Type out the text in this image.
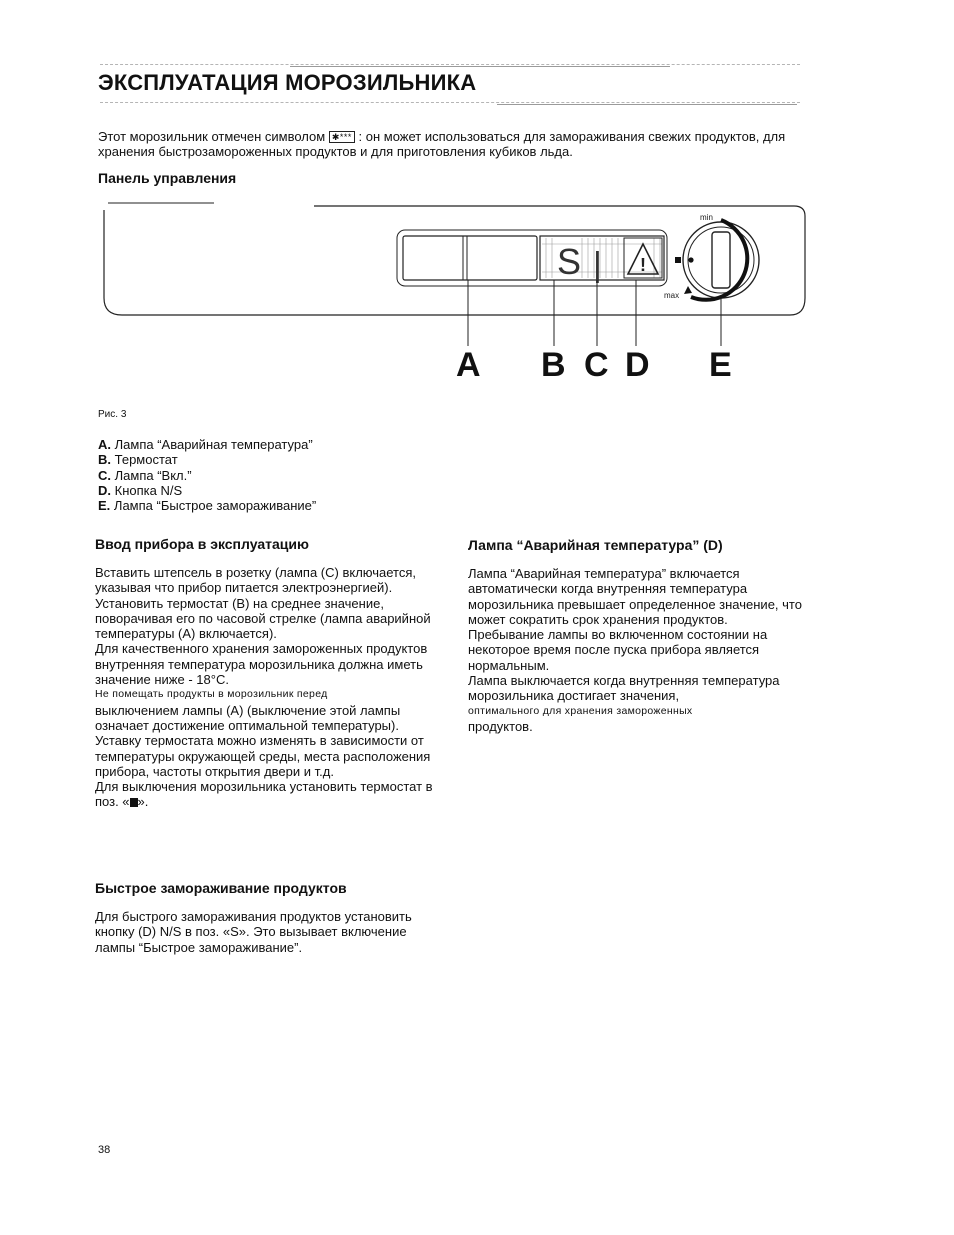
ЭКСПЛУАТАЦИЯ МОРОЗИЛЬНИКА
Этот морозильник отмечен символом ✱*** : он может использоваться для замораживания свежих продуктов, для хранения быстрозамороженных продуктов и для приготовления кубиков льда.
Панель управления
S | !
min
max
A B C D E
Рис. 3
A. Лампа “Аварийная температура”
B. Термостат
C. Лампа “Вкл.”
D. Кнопка N/S
E. Лампа “Быстрое замораживание”
Ввод прибора в эксплуатацию

Вставить штепсель в розетку (лампа (С) включается, указывая что прибор питается электроэнергией).

Установить термостат (В) на среднее значение, поворачивая его по часовой стрелке (лампа аварийной температуры (А) включается).

Для качественного хранения замороженных продуктов внутренняя температура морозильника должна иметь значение ниже - 18°С.

Не помещать продукты в морозильник перед

выключением лампы (А) (выключение этой лампы означает достижение оптимальной температуры).

Уставку термостата можно изменять в зависимости от температуры окружающей среды, места расположения прибора, частоты открытия двери и т.д.

Для выключения морозильника установить термостат в поз. « ».

Лампа “Аварийная температура” (D)

Лампа “Аварийная температура” включается автоматически когда внутренняя температура морозильника превышает определенное значение, что может сократить срок хранения продуктов.

Пребывание лампы во включенном состоянии на некоторое время после пуска прибора является нормальным.

Лампа выключается когда внутренняя температура морозильника достигает значения,

оптимального для хранения замороженных

продуктов.

Быстрое замораживание продуктов

Для быстрого замораживания продуктов установить кнопку (D) N/S в поз. «S». Это вызывает включение лампы “Быстрое замораживание”.

38
